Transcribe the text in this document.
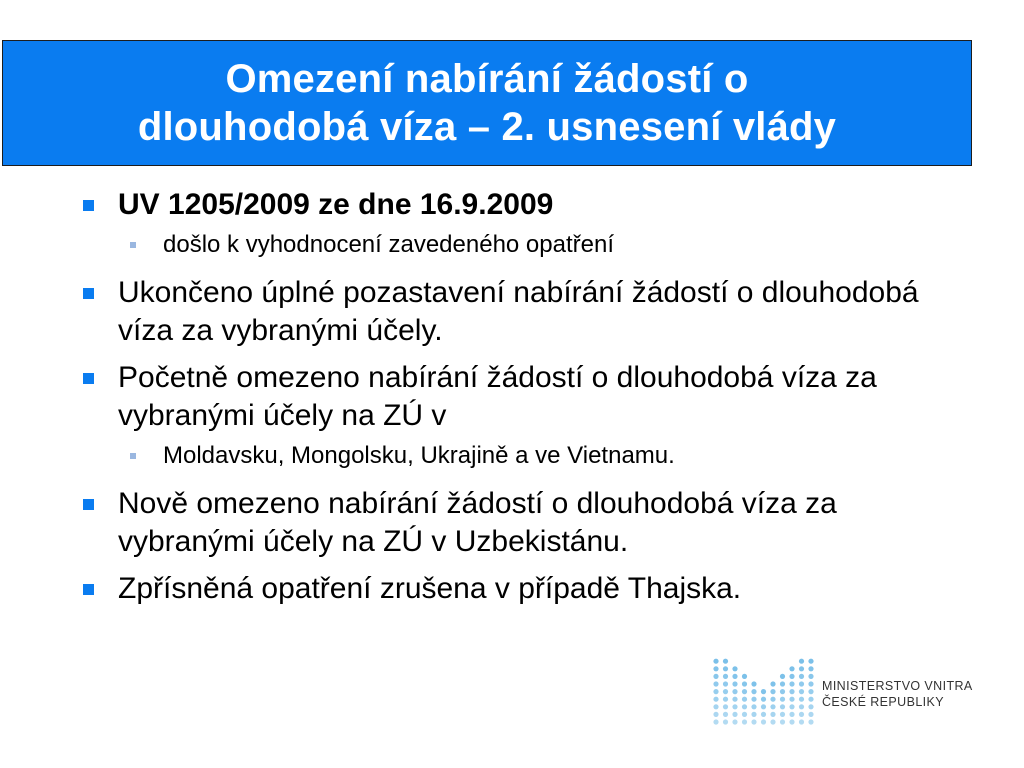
Omezení nabírání žádostí o
dlouhodobá víza – 2. usnesení vlády
UV 1205/2009 ze dne 16.9.2009
došlo k vyhodnocení zavedeného opatření
Ukončeno úplné pozastavení nabírání žádostí o dlouhodobá víza za vybranými účely.
Početně omezeno nabírání žádostí o dlouhodobá víza za vybranými účely na ZÚ v
Moldavsku, Mongolsku, Ukrajině a ve Vietnamu.
Nově omezeno nabírání žádostí o dlouhodobá víza za vybranými účely na ZÚ v Uzbekistánu.
Zpřísněná opatření zrušena v případě Thajska.
MINISTERSTVO VNITRA
ČESKÉ REPUBLIKY
